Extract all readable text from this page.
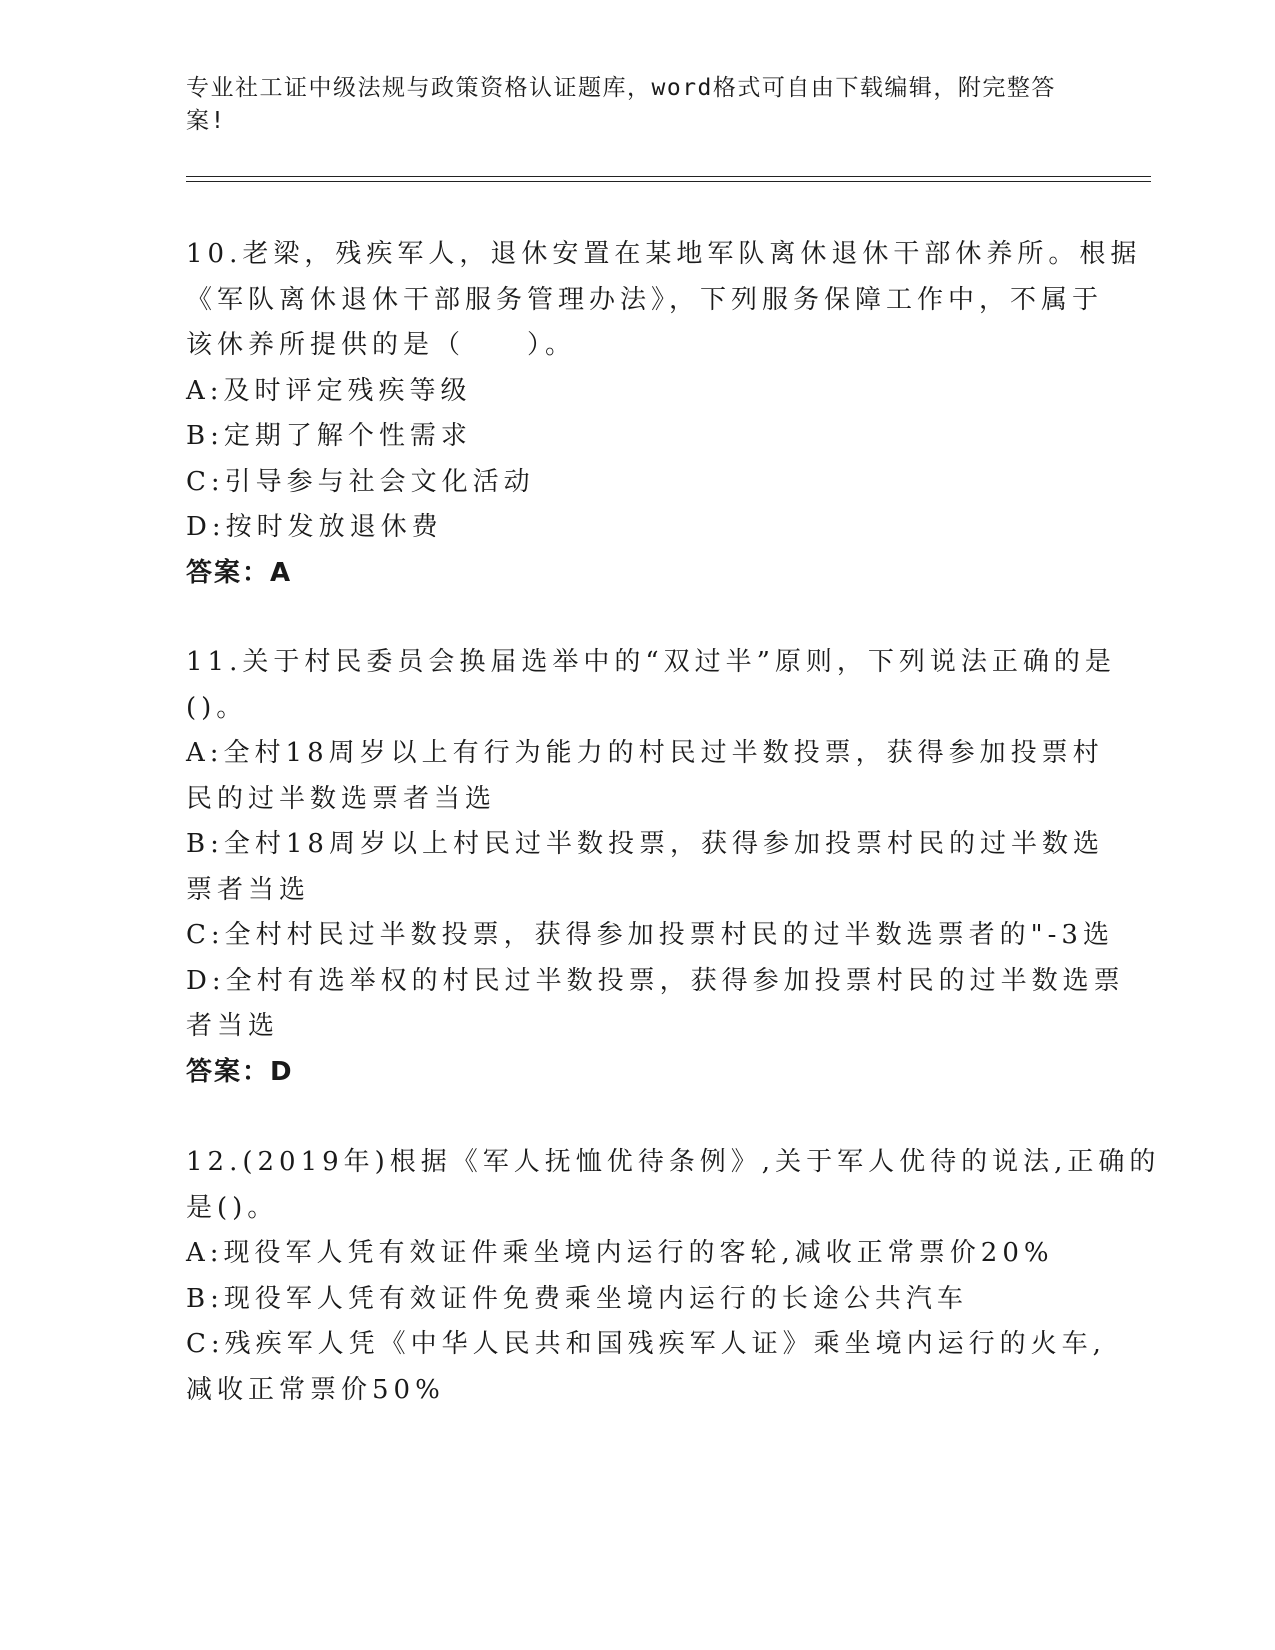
专业社工证中级法规与政策资格认证题库，word格式可自由下载编辑，附完整答
案!
10.老梁，残疾军人，退休安置在某地军队离休退休干部休养所。根据
《军队离休退休干部服务管理办法》，下列服务保障工作中，不属于
该休养所提供的是（　　）。
A:及时评定残疾等级
B:定期了解个性需求
C:引导参与社会文化活动
D:按时发放退休费
答案：A
11.关于村民委员会换届选举中的“双过半”原则，下列说法正确的是
()。
A:全村18周岁以上有行为能力的村民过半数投票，获得参加投票村
民的过半数选票者当选
B:全村18周岁以上村民过半数投票，获得参加投票村民的过半数选
票者当选
C:全村村民过半数投票，获得参加投票村民的过半数选票者的"-3选
D:全村有选举权的村民过半数投票，获得参加投票村民的过半数选票
者当选
答案：D
12.(2019年)根据《军人抚恤优待条例》,关于军人优待的说法,正确的
是()。
A:现役军人凭有效证件乘坐境内运行的客轮,减收正常票价20%
B:现役军人凭有效证件免费乘坐境内运行的长途公共汽车
C:残疾军人凭《中华人民共和国残疾军人证》乘坐境内运行的火车,
减收正常票价50%
